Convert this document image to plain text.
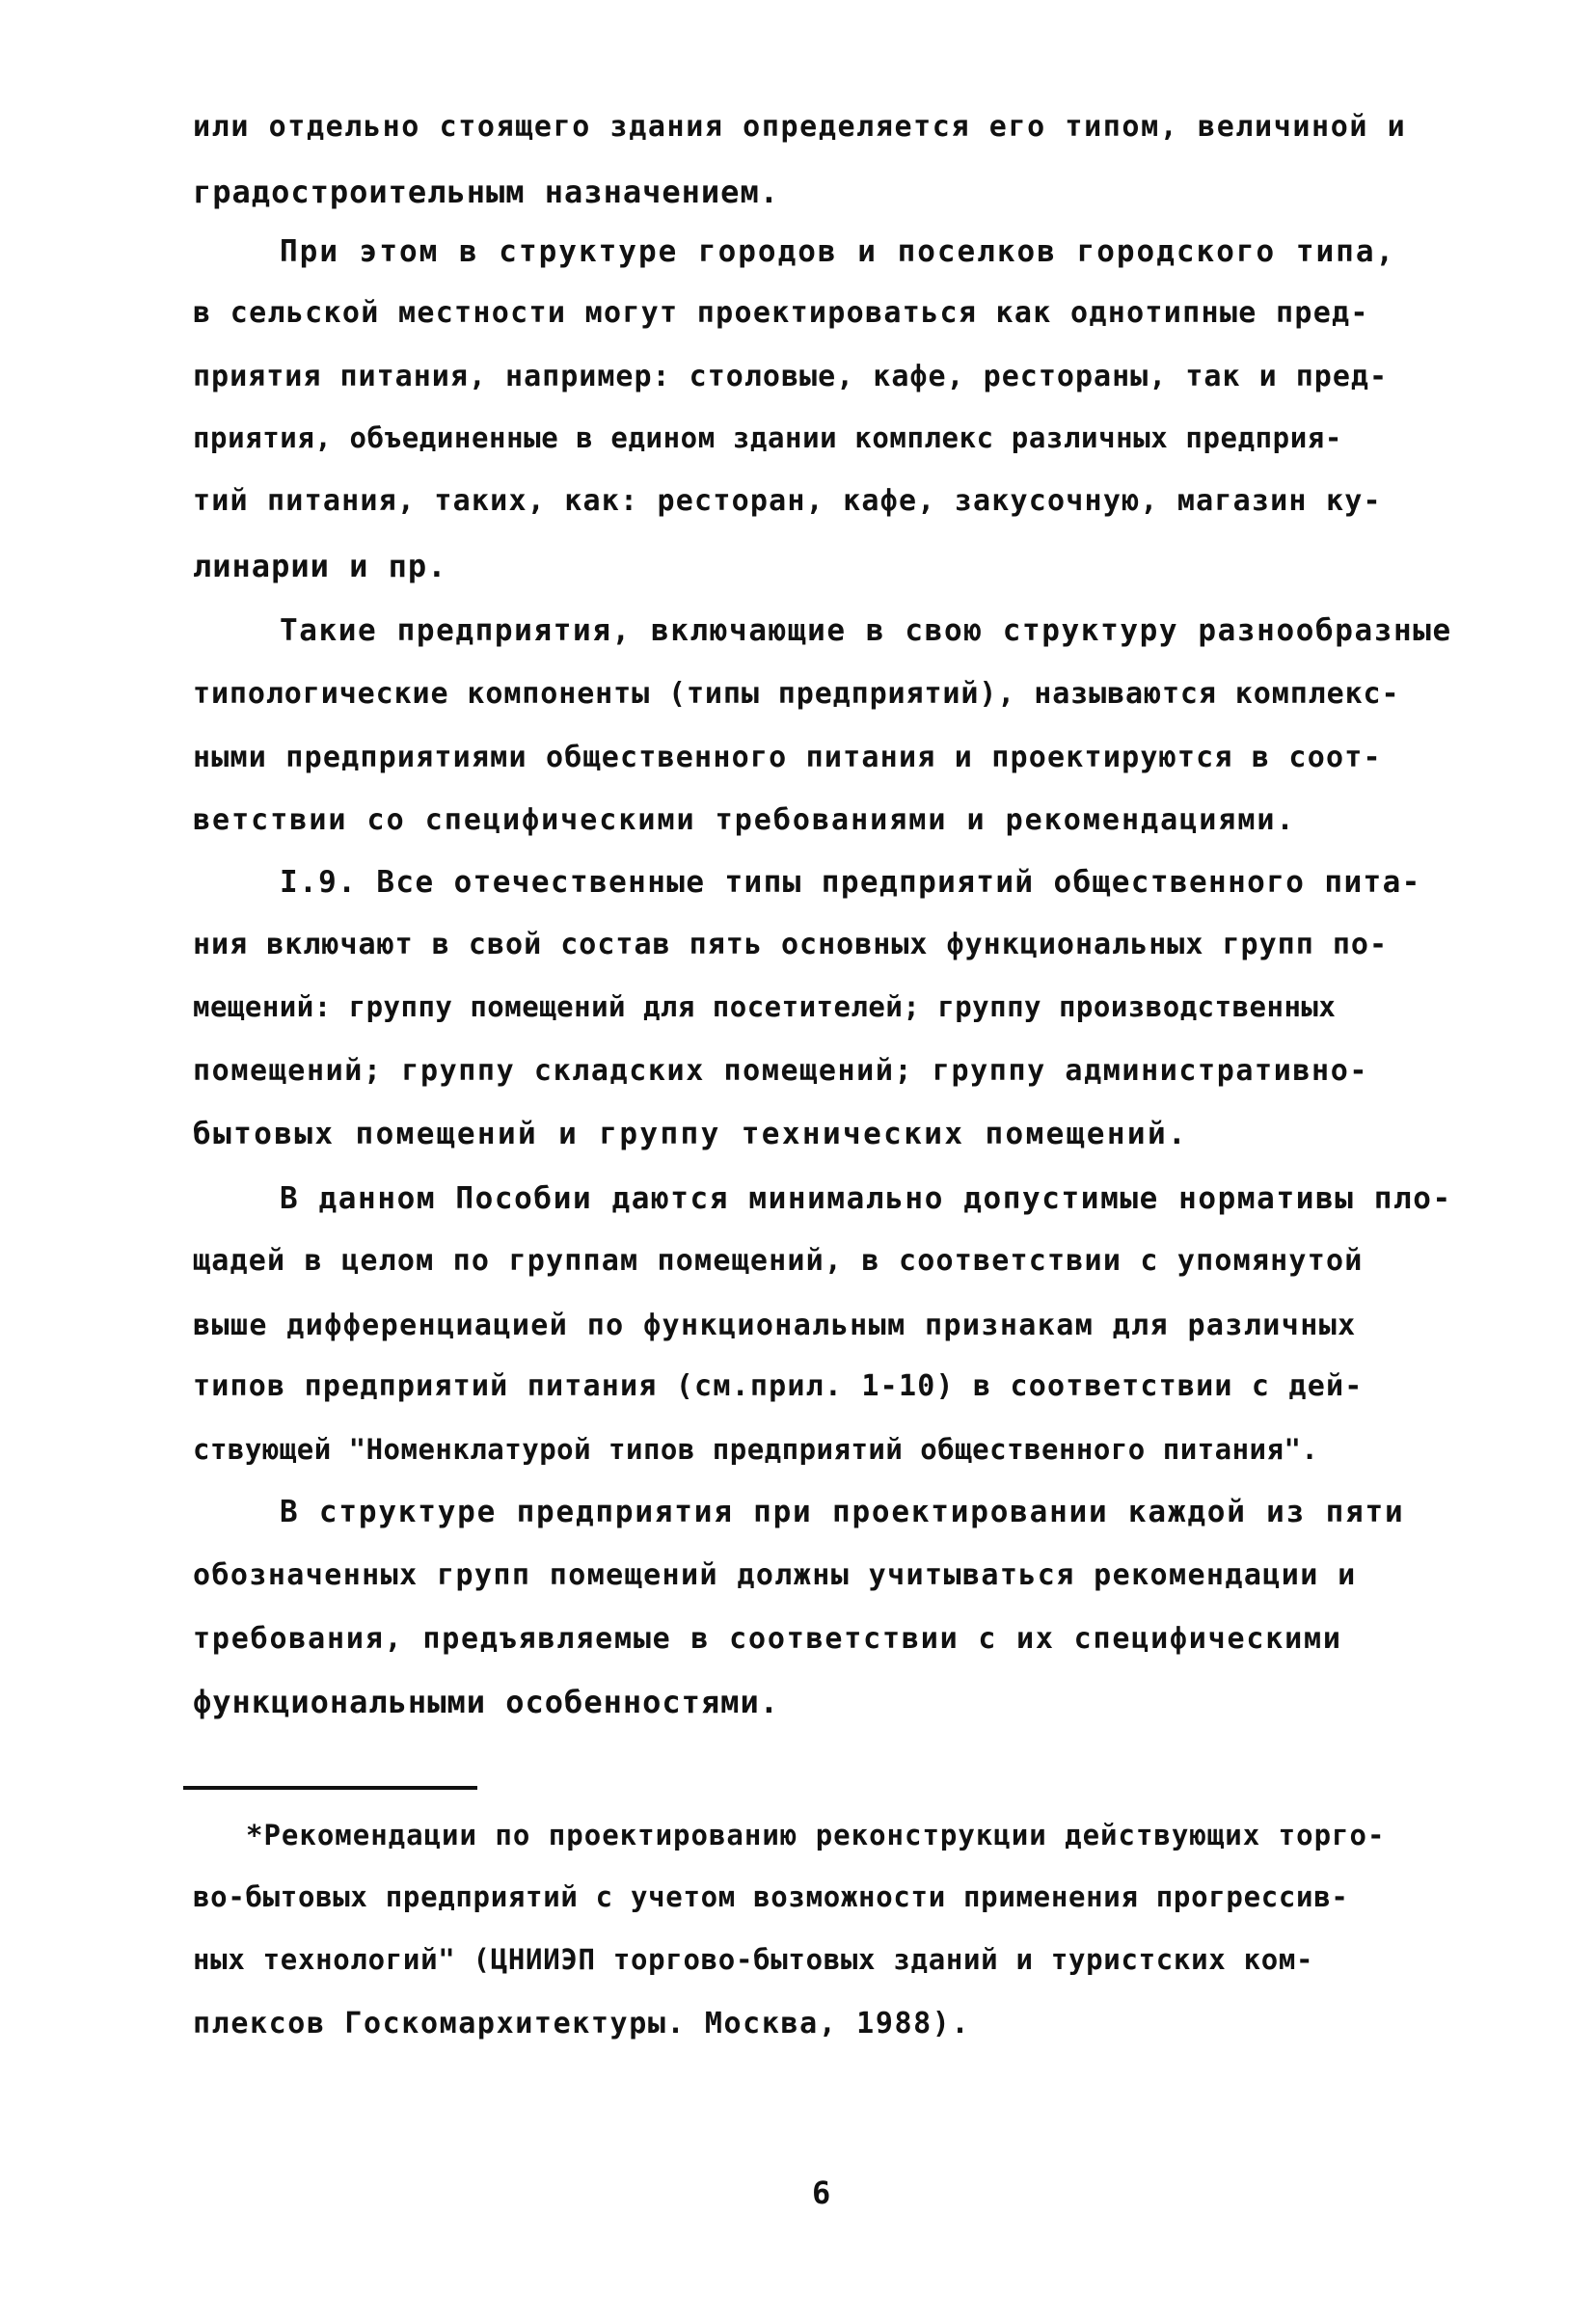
или отдельно стоящего здания определяется его типом, величиной и
градостроительным назначением.
При этом в структуре городов и поселков городского типа,
в сельской местности могут проектироваться как однотипные пред-
приятия питания, например: столовые, кафе, рестораны, так и пред-
приятия, объединенные в едином здании комплекс различных предприя-
тий питания, таких, как: ресторан, кафе, закусочную, магазин ку-
линарии и пр.
Такие предприятия, включающие в свою структуру разнообразные
типологические компоненты (типы предприятий), называются комплекс-
ными предприятиями общественного питания и проектируются в соот-
ветствии со специфическими требованиями и рекомендациями.
I.9. Все отечественные типы предприятий общественного пита-
ния включают в свой состав пять основных функциональных групп по-
мещений: группу помещений для посетителей; группу производственных
помещений; группу складских помещений; группу административно-
бытовых помещений и группу технических помещений.
В данном Пособии даются минимально допустимые нормативы пло-
щадей в целом по группам помещений, в соответствии с упомянутой
выше дифференциацией по функциональным признакам для различных
типов предприятий питания (см.прил. 1-10) в соответствии с дей-
ствующей "Номенклатурой типов предприятий общественного питания".
В структуре предприятия при проектировании каждой из пяти
обозначенных групп помещений должны учитываться рекомендации и
требования, предъявляемые в соответствии с их специфическими
функциональными особенностями.
*Рекомендации по проектированию реконструкции действующих торго-
во-бытовых предприятий с учетом возможности применения прогрессив-
ных технологий" (ЦНИИЭП торгово-бытовых зданий и туристских ком-
плексов Госкомархитектуры. Москва, 1988).
6
